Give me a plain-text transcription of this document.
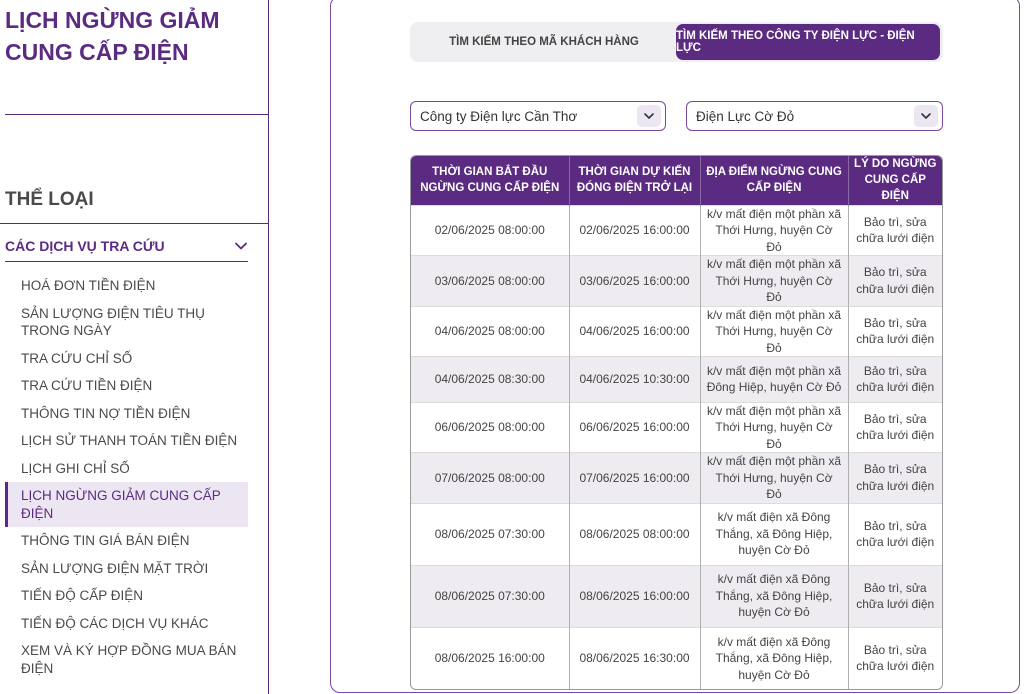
LỊCH NGỪNG GIẢM CUNG CẤP ĐIỆN
THỂ LOẠI
CÁC DỊCH VỤ TRA CỨU
HOÁ ĐƠN TIỀN ĐIỆN
SẢN LƯỢNG ĐIỆN TIÊU THỤ TRONG NGÀY
TRA CỨU CHỈ SỐ
TRA CỨU TIỀN ĐIỆN
THÔNG TIN NỢ TIỀN ĐIỆN
LỊCH SỬ THANH TOÁN TIỀN ĐIỆN
LỊCH GHI CHỈ SỐ
LỊCH NGỪNG GIẢM CUNG CẤP ĐIỆN
THÔNG TIN GIÁ BÁN ĐIỆN
SẢN LƯỢNG ĐIỆN MẶT TRỜI
TIẾN ĐỘ CẤP ĐIỆN
TIẾN ĐỘ CÁC DỊCH VỤ KHÁC
XEM VÀ KÝ HỢP ĐỒNG MUA BÁN ĐIỆN
TÌM KIẾM THEO MÃ KHÁCH HÀNG	TÌM KIẾM THEO CÔNG TY ĐIỆN LỰC - ĐIỆN LỰC
Công ty Điện lực Cần Thơ	Điện Lực Cờ Đỏ
THỜI GIAN BẮT ĐẦU NGỪNG CUNG CẤP ĐIỆN	THỜI GIAN DỰ KIẾN ĐÓNG ĐIỆN TRỞ LẠI	ĐỊA ĐIỂM NGỪNG CUNG CẤP ĐIỆN	LÝ DO NGỪNG CUNG CẤP ĐIỆN
02/06/2025 08:00:00	02/06/2025 16:00:00	k/v mất điện một phần xã Thới Hưng, huyện Cờ Đỏ	Bảo trì, sửa chữa lưới điện
03/06/2025 08:00:00	03/06/2025 16:00:00	k/v mất điện một phần xã Thới Hưng, huyện Cờ Đỏ	Bảo trì, sửa chữa lưới điện
04/06/2025 08:00:00	04/06/2025 16:00:00	k/v mất điện một phần xã Thới Hưng, huyện Cờ Đỏ	Bảo trì, sửa chữa lưới điện
04/06/2025 08:30:00	04/06/2025 10:30:00	k/v mất điện một phần xã Đông Hiệp, huyện Cờ Đỏ	Bảo trì, sửa chữa lưới điện
06/06/2025 08:00:00	06/06/2025 16:00:00	k/v mất điện một phần xã Thới Hưng, huyện Cờ Đỏ	Bảo trì, sửa chữa lưới điện
07/06/2025 08:00:00	07/06/2025 16:00:00	k/v mất điện một phần xã Thới Hưng, huyện Cờ Đỏ	Bảo trì, sửa chữa lưới điện
08/06/2025 07:30:00	08/06/2025 08:00:00	k/v mất điện xã Đông Thắng, xã Đông Hiệp, huyện Cờ Đỏ	Bảo trì, sửa chữa lưới điện
08/06/2025 07:30:00	08/06/2025 16:00:00	k/v mất điện xã Đông Thắng, xã Đông Hiệp, huyện Cờ Đỏ	Bảo trì, sửa chữa lưới điện
08/06/2025 16:00:00	08/06/2025 16:30:00	k/v mất điện xã Đông Thắng, xã Đông Hiệp, huyện Cờ Đỏ	Bảo trì, sửa chữa lưới điện
